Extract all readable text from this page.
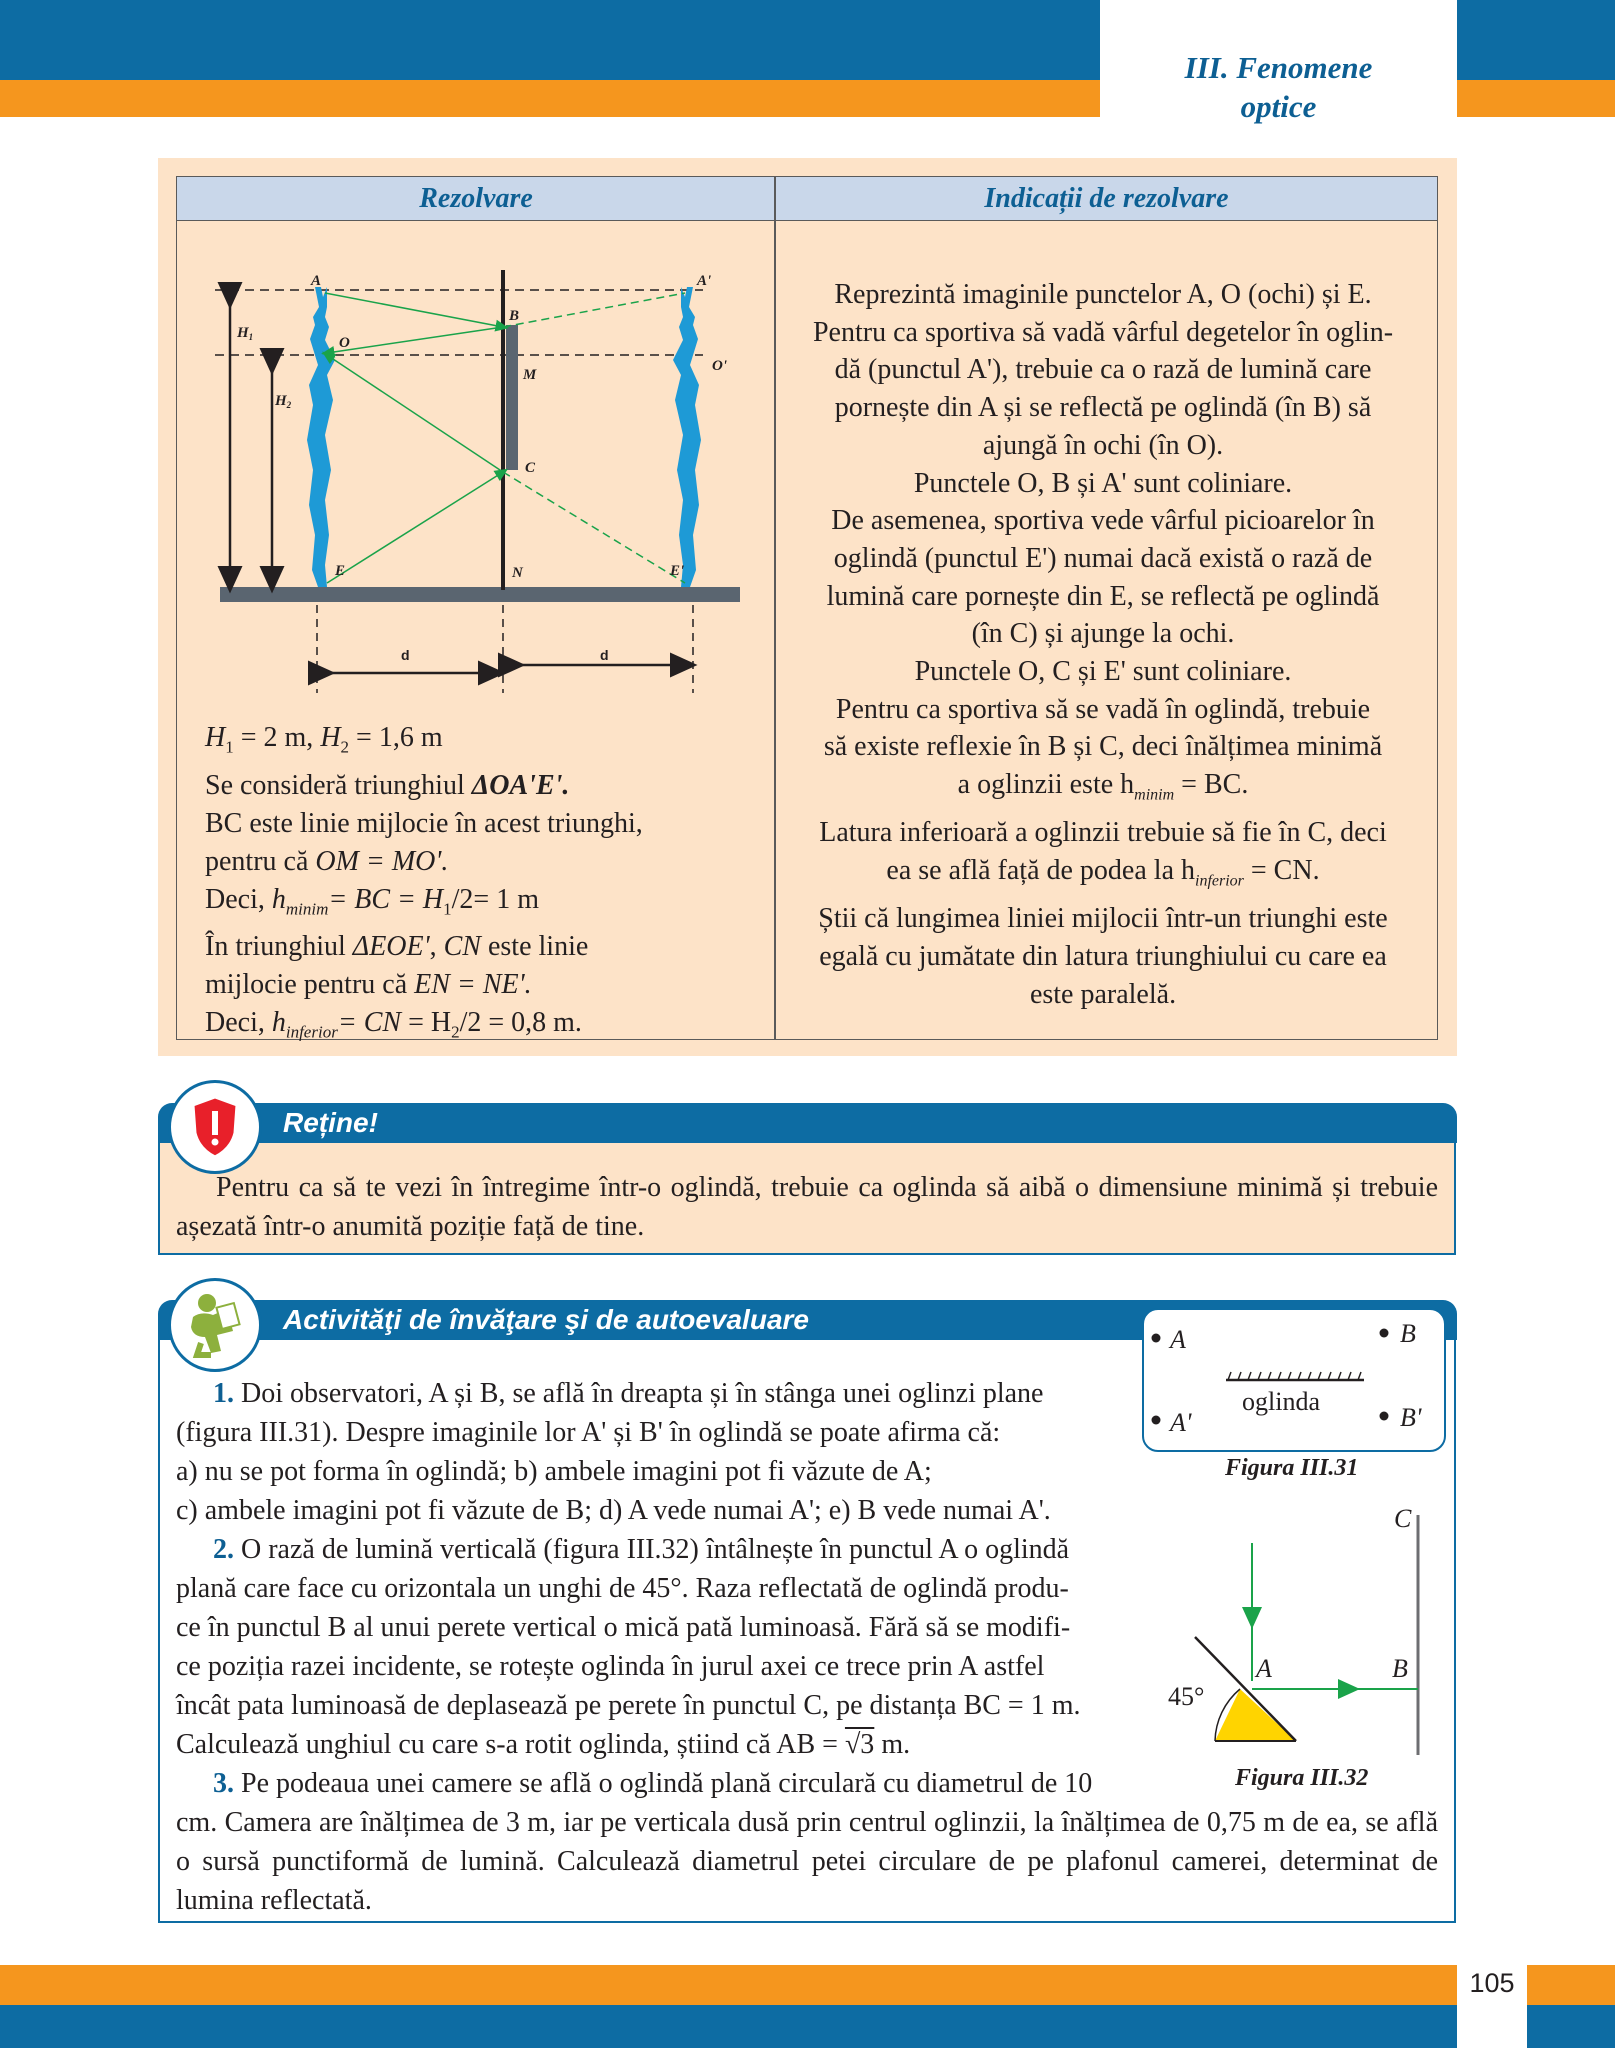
III. Fenomene
optice
Rezolvare	Indicații de rezolvare
A	A'
O
O'
B
M
C
N
E	E'
$H_1$
$H_2$
d	d
$H_1 = 2$ m, $H_2 = 1,6$ m
Se consideră triunghiul ΔOA'E'.
BC este linie mijlocie în acest triunghi,
pentru că OM = MO'.
Deci, $h_{minim}=$ BC = $H_1/2= 1$ m
În triunghiul ΔEOE', CN este linie
mijlocie pentru că EN = NE'.
Deci, $h_{inferior}=$ CN = $H_2/2 = 0,8$ m.

Reprezintă imaginile punctelor A, O (ochi) și E.

Pentru ca sportiva să vadă vârful degetelor în oglin-

dă (punctul A'), trebuie ca o rază de lumină care

pornește din A și se reflectă pe oglindă (în B) să

ajungă în ochi (în O).

Punctele O, B și A' sunt coliniare.

De asemenea, sportiva vede vârful picioarelor în

oglindă (punctul E') numai dacă există o rază de

lumină care pornește din E, se reflectă pe oglindă

(în C) și ajunge la ochi.

Punctele O, C și E' sunt coliniare.

Pentru ca sportiva să se vadă în oglindă, trebuie

să existe reflexie în B și C, deci înălțimea minimă

a oglinzii este $h_{minim}$ = BC.

Latura inferioară a oglinzii trebuie să fie în C, deci

ea se află față de podea la $h_{inferior}$ = CN.

Știi că lungimea liniei mijlocii într-un triunghi este

egală cu jumătate din latura triunghiului cu care ea

este paralelă.

Reține!
Pentru ca să te vezi în întregime într-o oglindă, trebuie ca oglinda să aibă o dimensiune minimă și trebuie așezată într-o anumită poziție față de tine.
Activităţi de învăţare şi de autoevaluare
A	B
A'	B'
oglinda
Figura III.31
C
A	B
45°
Figura III.32

1. Doi observatori, A și B, se află în dreapta și în stânga unei oglinzi plane

(figura III.31). Despre imaginile lor A' și B' în oglindă se poate afirma că:

a) nu se pot forma în oglindă; b) ambele imagini pot fi văzute de A;

c) ambele imagini pot fi văzute de B; d) A vede numai A'; e) B vede numai A'.

2. O rază de lumină verticală (figura III.32) întâlnește în punctul A o oglindă

plană care face cu orizontala un unghi de 45°. Raza reflectată de oglindă produ-

ce în punctul B al unui perete vertical o mică pată luminoasă. Fără să se modifi-

ce poziția razei incidente, se rotește oglinda în jurul axei ce trece prin A astfel

încât pata luminoasă de deplasează pe perete în punctul C, pe distanța BC = 1 m.

Calculează unghiul cu care s-a rotit oglinda, știind că AB = √3 m.

3. Pe podeaua unei camere se află o oglindă plană circulară cu diametrul de 10

cm. Camera are înălțimea de 3 m, iar pe verticala dusă prin centrul oglinzii, la înălțimea de 0,75 m de ea, se află o sursă punctiformă de lumină. Calculează diametrul petei circulare de pe plafonul camerei, determinat de lumina reflectată.

105
